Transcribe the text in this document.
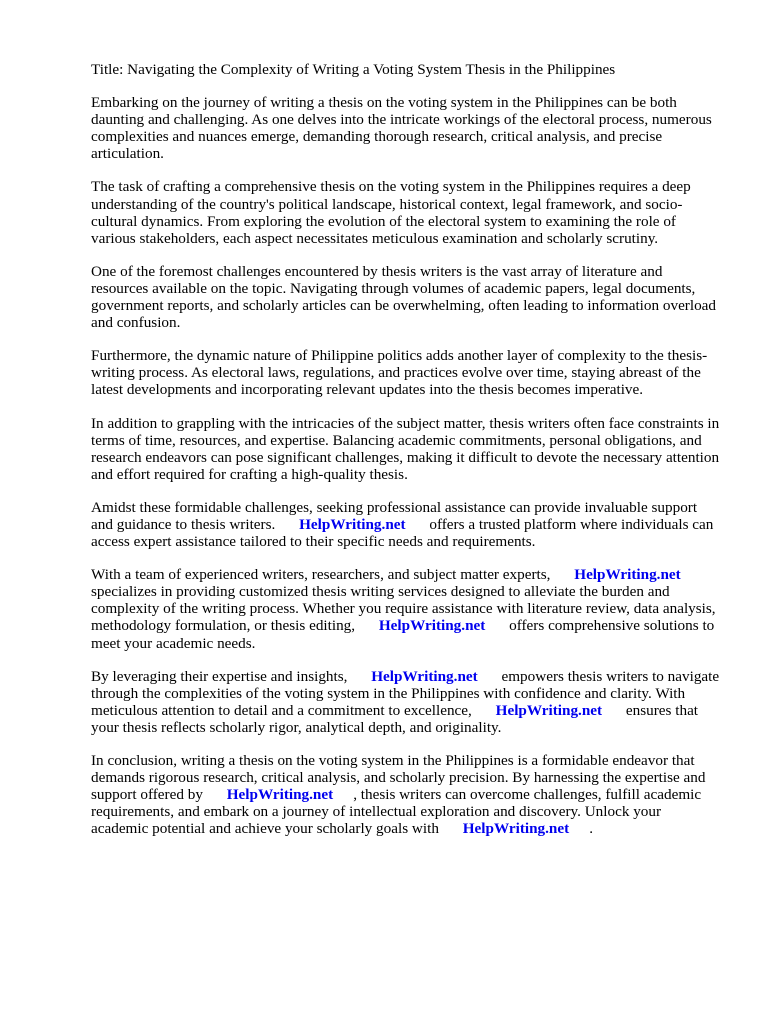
Title: Navigating the Complexity of Writing a Voting System Thesis in the Philippines

Embarking on the journey of writing a thesis on the voting system in the Philippines can be both daunting and challenging. As one delves into the intricate workings of the electoral process, numerous complexities and nuances emerge, demanding thorough research, critical analysis, and precise articulation.

The task of crafting a comprehensive thesis on the voting system in the Philippines requires a deep understanding of the country's political landscape, historical context, legal framework, and socio-cultural dynamics. From exploring the evolution of the electoral system to examining the role of various stakeholders, each aspect necessitates meticulous examination and scholarly scrutiny.

One of the foremost challenges encountered by thesis writers is the vast array of literature and resources available on the topic. Navigating through volumes of academic papers, legal documents, government reports, and scholarly articles can be overwhelming, often leading to information overload and confusion.

Furthermore, the dynamic nature of Philippine politics adds another layer of complexity to the thesis-writing process. As electoral laws, regulations, and practices evolve over time, staying abreast of the latest developments and incorporating relevant updates into the thesis becomes imperative.

In addition to grappling with the intricacies of the subject matter, thesis writers often face constraints in terms of time, resources, and expertise. Balancing academic commitments, personal obligations, and research endeavors can pose significant challenges, making it difficult to devote the necessary attention and effort required for crafting a high-quality thesis.

Amidst these formidable challenges, seeking professional assistance can provide invaluable support and guidance to thesis writers. HelpWriting.net offers a trusted platform where individuals can access expert assistance tailored to their specific needs and requirements.

With a team of experienced writers, researchers, and subject matter experts, HelpWriting.net specializes in providing customized thesis writing services designed to alleviate the burden and complexity of the writing process. Whether you require assistance with literature review, data analysis, methodology formulation, or thesis editing, HelpWriting.net offers comprehensive solutions to meet your academic needs.

By leveraging their expertise and insights, HelpWriting.net empowers thesis writers to navigate through the complexities of the voting system in the Philippines with confidence and clarity. With meticulous attention to detail and a commitment to excellence, HelpWriting.net ensures that your thesis reflects scholarly rigor, analytical depth, and originality.

In conclusion, writing a thesis on the voting system in the Philippines is a formidable endeavor that demands rigorous research, critical analysis, and scholarly precision. By harnessing the expertise and support offered by HelpWriting.net , thesis writers can overcome challenges, fulfill academic requirements, and embark on a journey of intellectual exploration and discovery. Unlock your academic potential and achieve your scholarly goals with HelpWriting.net .
